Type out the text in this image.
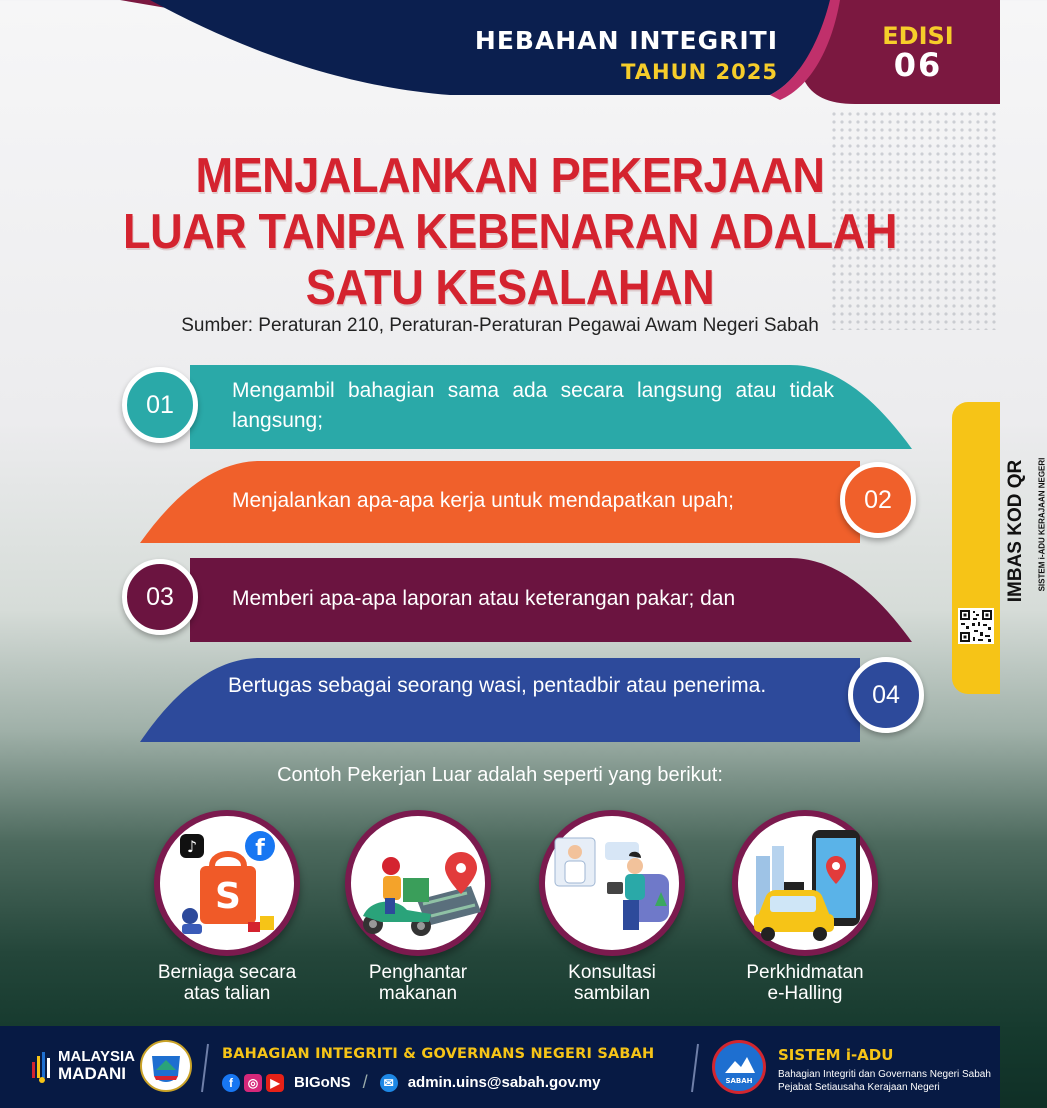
HEBAHAN INTEGRITI
TAHUN 2025
EDISI
06
MENJALANKAN PEKERJAAN
LUAR TANPA KEBENARAN ADALAH
SATU KESALAHAN
Sumber: Peraturan 210, Peraturan-Peraturan Pegawai Awam Negeri Sabah
01	Mengambil bahagian sama ada secara langsung atau tidak langsung;
02
Menjalankan apa-apa kerja untuk mendapatkan upah;
03	Memberi apa-apa laporan atau keterangan pakar; dan
04
Bertugas sebagai seorang wasi, pentadbir atau penerima.
IMBAS KOD QR SISTEM i-ADU KERAJAAN NEGERI
Contoh Pekerjan Luar adalah seperti yang berikut:
S
f
♪
Berniaga secara
atas talian
Penghantar
makanan
Konsultasi
sambilan
Perkhidmatan
e-Halling
MALAYSIA
MADANI
BAHAGIAN INTEGRITI & GOVERNANS NEGERI SABAH
f	◎	▶ BIGoNS /	✉ admin.uins@sabah.gov.my	SABAH
SISTEM i-ADU
Bahagian Integriti dan Governans Negeri Sabah
Pejabat Setiausaha Kerajaan Negeri
